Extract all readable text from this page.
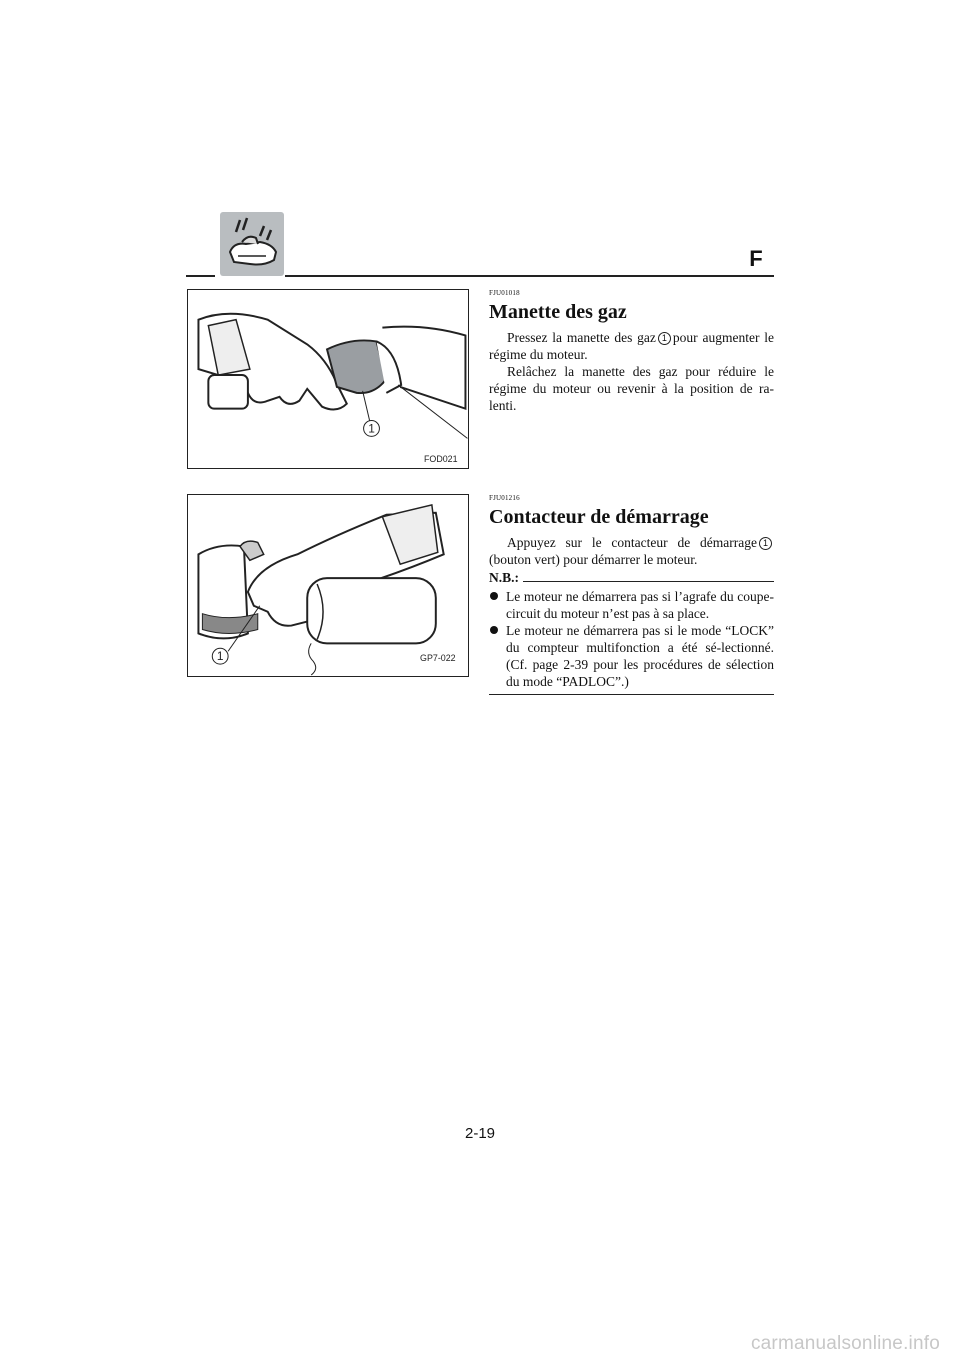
F
1
FOD021

FJU01018

Manette des gaz

Pressez la manette des gaz 1 pour augmenter le régime du moteur.

Relâchez la manette des gaz pour réduire le régime du moteur ou revenir à la position de ra-lenti.

1	GP7-022

FJU01216

Contacteur de démarrage

Appuyez sur le contacteur de démarrage 1(bouton vert) pour démarrer le moteur.

N.B.:
Le moteur ne démarrera pas si l’agrafe du coupe-circuit du moteur n’est pas à sa place.
Le moteur ne démarrera pas si le mode “LOCK” du compteur multifonction a été sé-lectionné. (Cf. page 2-39 pour les procédures de sélection du mode “PADLOC”.)
2-19
carmanualsonline.info
